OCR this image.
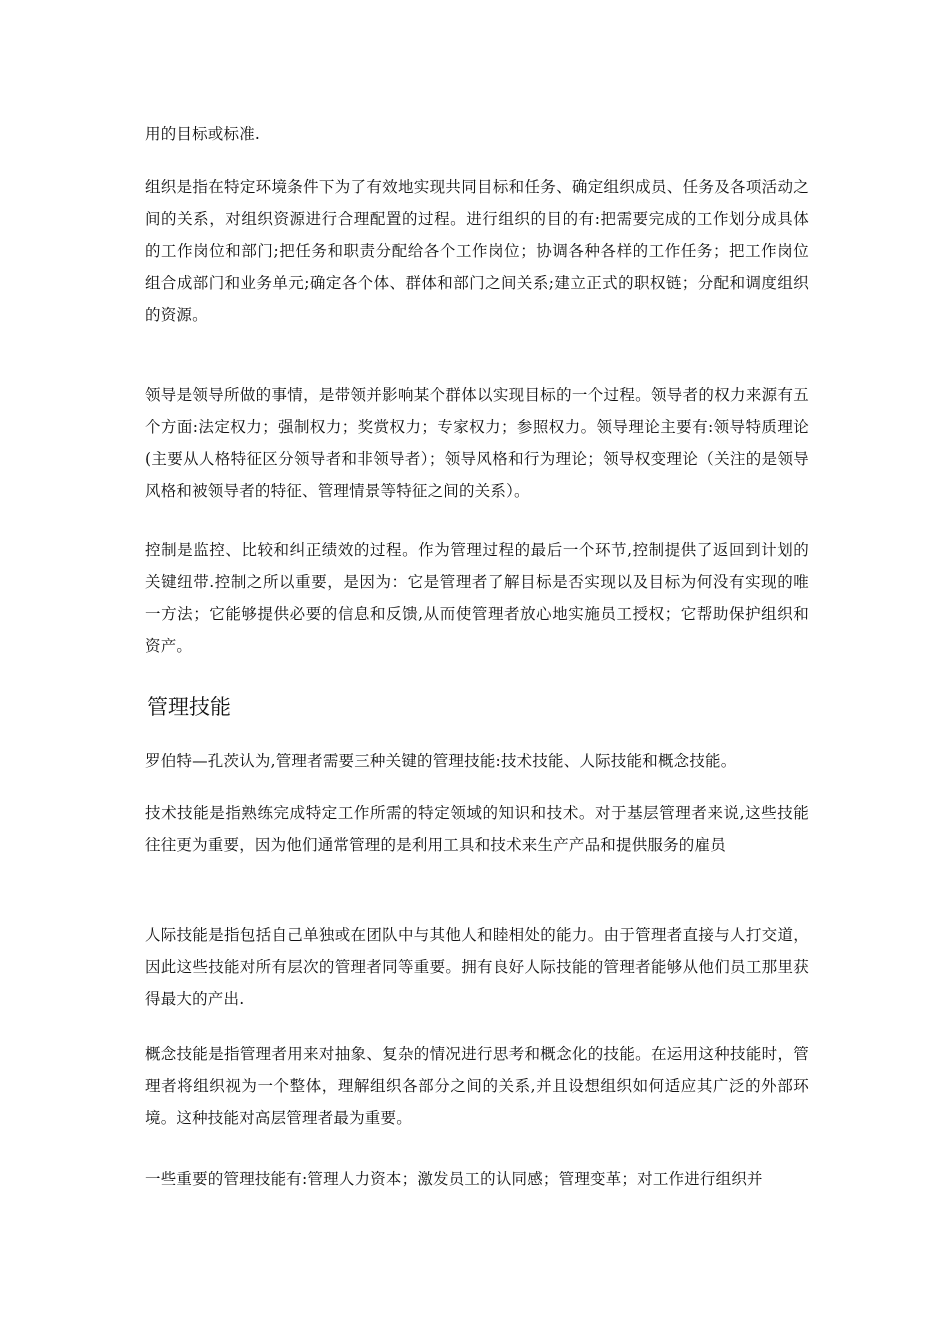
用的目标或标准.
组织是指在特定环境条件下为了有效地实现共同目标和任务、确定组织成员、任务及各项活动之间的关系，对组织资源进行合理配置的过程。进行组织的目的有:把需要完成的工作划分成具体的工作岗位和部门;把任务和职责分配给各个工作岗位；协调各种各样的工作任务；把工作岗位组合成部门和业务单元;确定各个体、群体和部门之间关系;建立正式的职权链；分配和调度组织的资源。
领导是领导所做的事情，是带领并影响某个群体以实现目标的一个过程。领导者的权力来源有五个方面:法定权力；强制权力；奖赏权力；专家权力；参照权力。领导理论主要有:领导特质理论(主要从人格特征区分领导者和非领导者）；领导风格和行为理论；领导权变理论（关注的是领导风格和被领导者的特征、管理情景等特征之间的关系）。
控制是监控、比较和纠正绩效的过程。作为管理过程的最后一个环节,控制提供了返回到计划的关键纽带.控制之所以重要，是因为：它是管理者了解目标是否实现以及目标为何没有实现的唯一方法；它能够提供必要的信息和反馈,从而使管理者放心地实施员工授权；它帮助保护组织和资产。
管理技能
罗伯特—孔茨认为,管理者需要三种关键的管理技能:技术技能、人际技能和概念技能。
技术技能是指熟练完成特定工作所需的特定领域的知识和技术。对于基层管理者来说,这些技能往往更为重要，因为他们通常管理的是利用工具和技术来生产产品和提供服务的雇员
人际技能是指包括自己单独或在团队中与其他人和睦相处的能力。由于管理者直接与人打交道，因此这些技能对所有层次的管理者同等重要。拥有良好人际技能的管理者能够从他们员工那里获得最大的产出.
概念技能是指管理者用来对抽象、复杂的情况进行思考和概念化的技能。在运用这种技能时，管理者将组织视为一个整体，理解组织各部分之间的关系,并且设想组织如何适应其广泛的外部环境。这种技能对高层管理者最为重要。
一些重要的管理技能有:管理人力资本；激发员工的认同感；管理变革；对工作进行组织并
